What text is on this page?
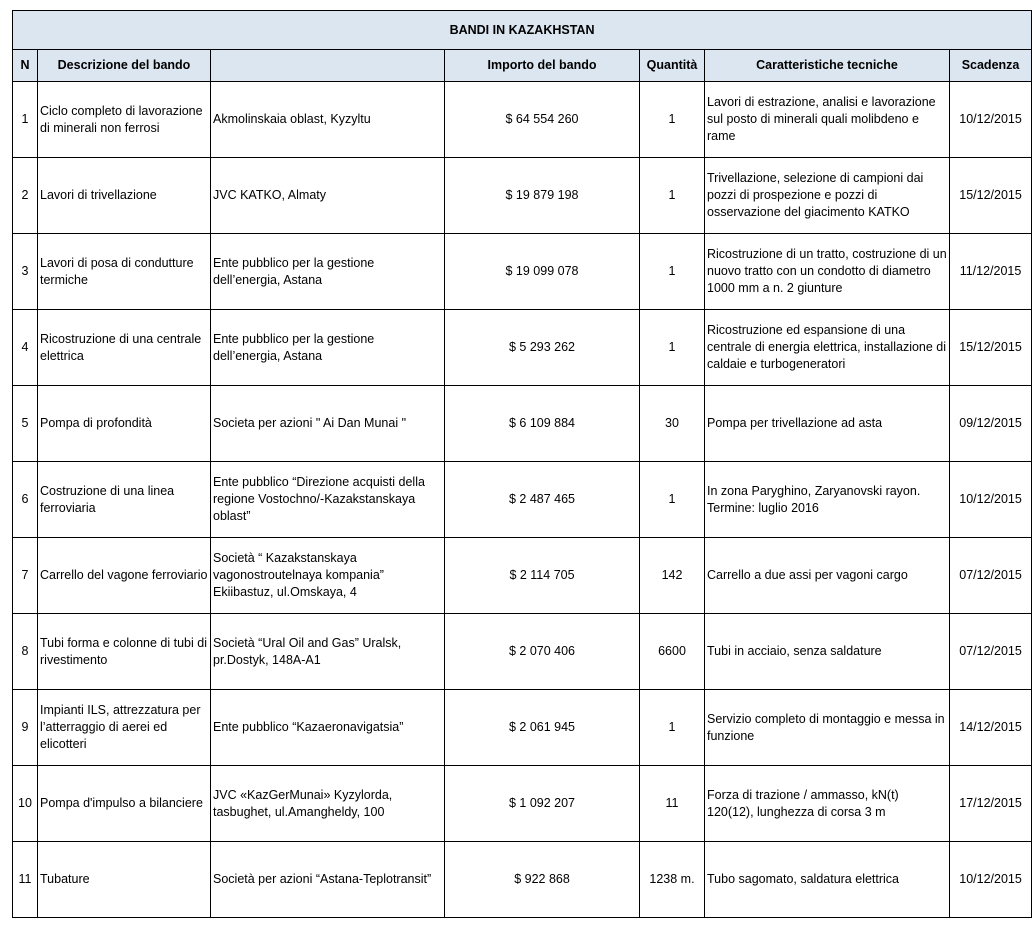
BANDI IN KAZAKHSTAN						
N	Descrizione del bando		Importo del bando	Quantità	Caratteristiche tecniche	Scadenza
1	Ciclo completo di lavorazione di minerali non ferrosi	Akmolinskaia oblast, Kyzyltu	$ 64 554 260	1	Lavori di estrazione, analisi e lavorazione sul posto di minerali quali molibdeno e rame	10/12/2015
2	Lavori di trivellazione	JVC KATKO, Almaty	$ 19 879 198	1	Trivellazione, selezione di campioni dai pozzi di prospezione e pozzi di osservazione del giacimento KATKO	15/12/2015
3	Lavori di posa di condutture termiche	Ente pubblico per la gestione dell’energia, Astana	$ 19 099 078	1	Ricostruzione di un tratto, costruzione di un nuovo tratto con un condotto di diametro 1000 mm a n. 2 giunture	11/12/2015
4	Ricostruzione di una centrale elettrica	Ente pubblico per la gestione dell’energia, Astana	$ 5 293 262	1	Ricostruzione ed espansione di una centrale di energia elettrica, installazione di caldaie e turbogeneratori	15/12/2015
5	Pompa di profondità	Societa per azioni " Ai Dan Munai "	$ 6 109 884	30	Pompa per trivellazione ad asta	09/12/2015
6	Costruzione di una linea ferroviaria	Ente pubblico “Direzione acquisti della regione Vostochno/-Kazakstanskaya oblast”	$ 2 487 465	1	In zona Paryghino, Zaryanovski rayon. Termine: luglio 2016	10/12/2015
7	Carrello del vagone ferroviario	Società “ Kazakstanskaya vagonostroutelnaya kompania” Ekiibastuz, ul.Omskaya, 4	$ 2 114 705	142	Carrello a due assi per vagoni cargo	07/12/2015
8	Tubi forma e colonne di tubi di rivestimento	Società “Ural Oil and Gas” Uralsk, pr.Dostyk, 148A-A1	$ 2 070 406	6600	Tubi in acciaio, senza saldature	07/12/2015
9	Impianti ILS, attrezzatura per l’atterraggio di aerei ed elicotteri	Ente pubblico “Kazaeronavigatsia”	$ 2 061 945	1	Servizio completo di montaggio e messa in funzione	14/12/2015
10	Pompa d'impulso a bilanciere	JVC «KazGerMunai» Kyzylorda, tasbughet, ul.Amangheldy, 100	$ 1 092 207	11	Forza di trazione / ammasso, kN(t) 120(12), lunghezza di corsa 3 m	17/12/2015
11	Tubature	Società per azioni “Astana-Teplotransit”	$ 922 868	1238 m.	Tubo sagomato, saldatura elettrica	10/12/2015
